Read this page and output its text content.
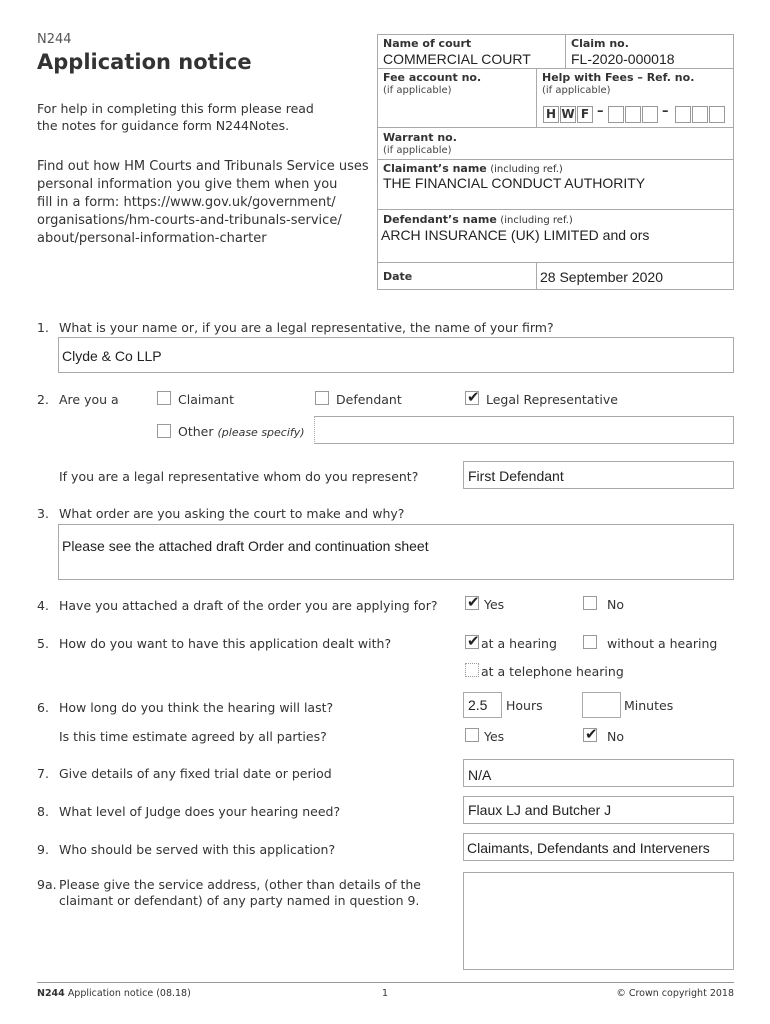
N244
Application notice
For help in completing this form please read the notes for guidance form N244Notes.
Find out how HM Courts and Tribunals Service uses
personal information you give them when you
fill in a form: https://www.gov.uk/government/
organisations/hm-courts-and-tribunals-service/
about/personal-information-charter
Name of court
COMMERCIAL COURT
Claim no.
FL-2020-000018
Fee account no.
(if applicable)
Help with Fees – Ref. no.
(if applicable)
H W F –	–
Warrant no.
(if applicable)
Claimant’s name (including ref.)
THE FINANCIAL CONDUCT AUTHORITY
Defendant’s name (including ref.)
ARCH INSURANCE (UK) LIMITED and ors
Date	28 September 2020
1. What is your name or, if you are a legal representative, the name of your firm?
Clyde & Co LLP
2. Are you a	Claimant	Defendant	✔ Legal Representative
Other (please specify)
If you are a legal representative whom do you represent?	First Defendant
3. What order are you asking the court to make and why?
Please see the attached draft Order and continuation sheet
4. Have you attached a draft of the order you are applying for? ✔ Yes	No
5. How do you want to have this application dealt with?	✔ at a hearing	without a hearing
at a telephone hearing
6. How long do you think the hearing will last?	2.5 Hours	Minutes
Is this time estimate agreed by all parties?	Yes	✔ No
7. Give details of any fixed trial date or period	N/A
8. What level of Judge does your hearing need?	Flaux LJ and Butcher J
9. Who should be served with this application?	Claimants, Defendants and Interveners
9a. Please give the service address, (other than details of the
claimant or defendant) of any party named in question 9.
N244 Application notice (08.18)	1	© Crown copyright 2018
